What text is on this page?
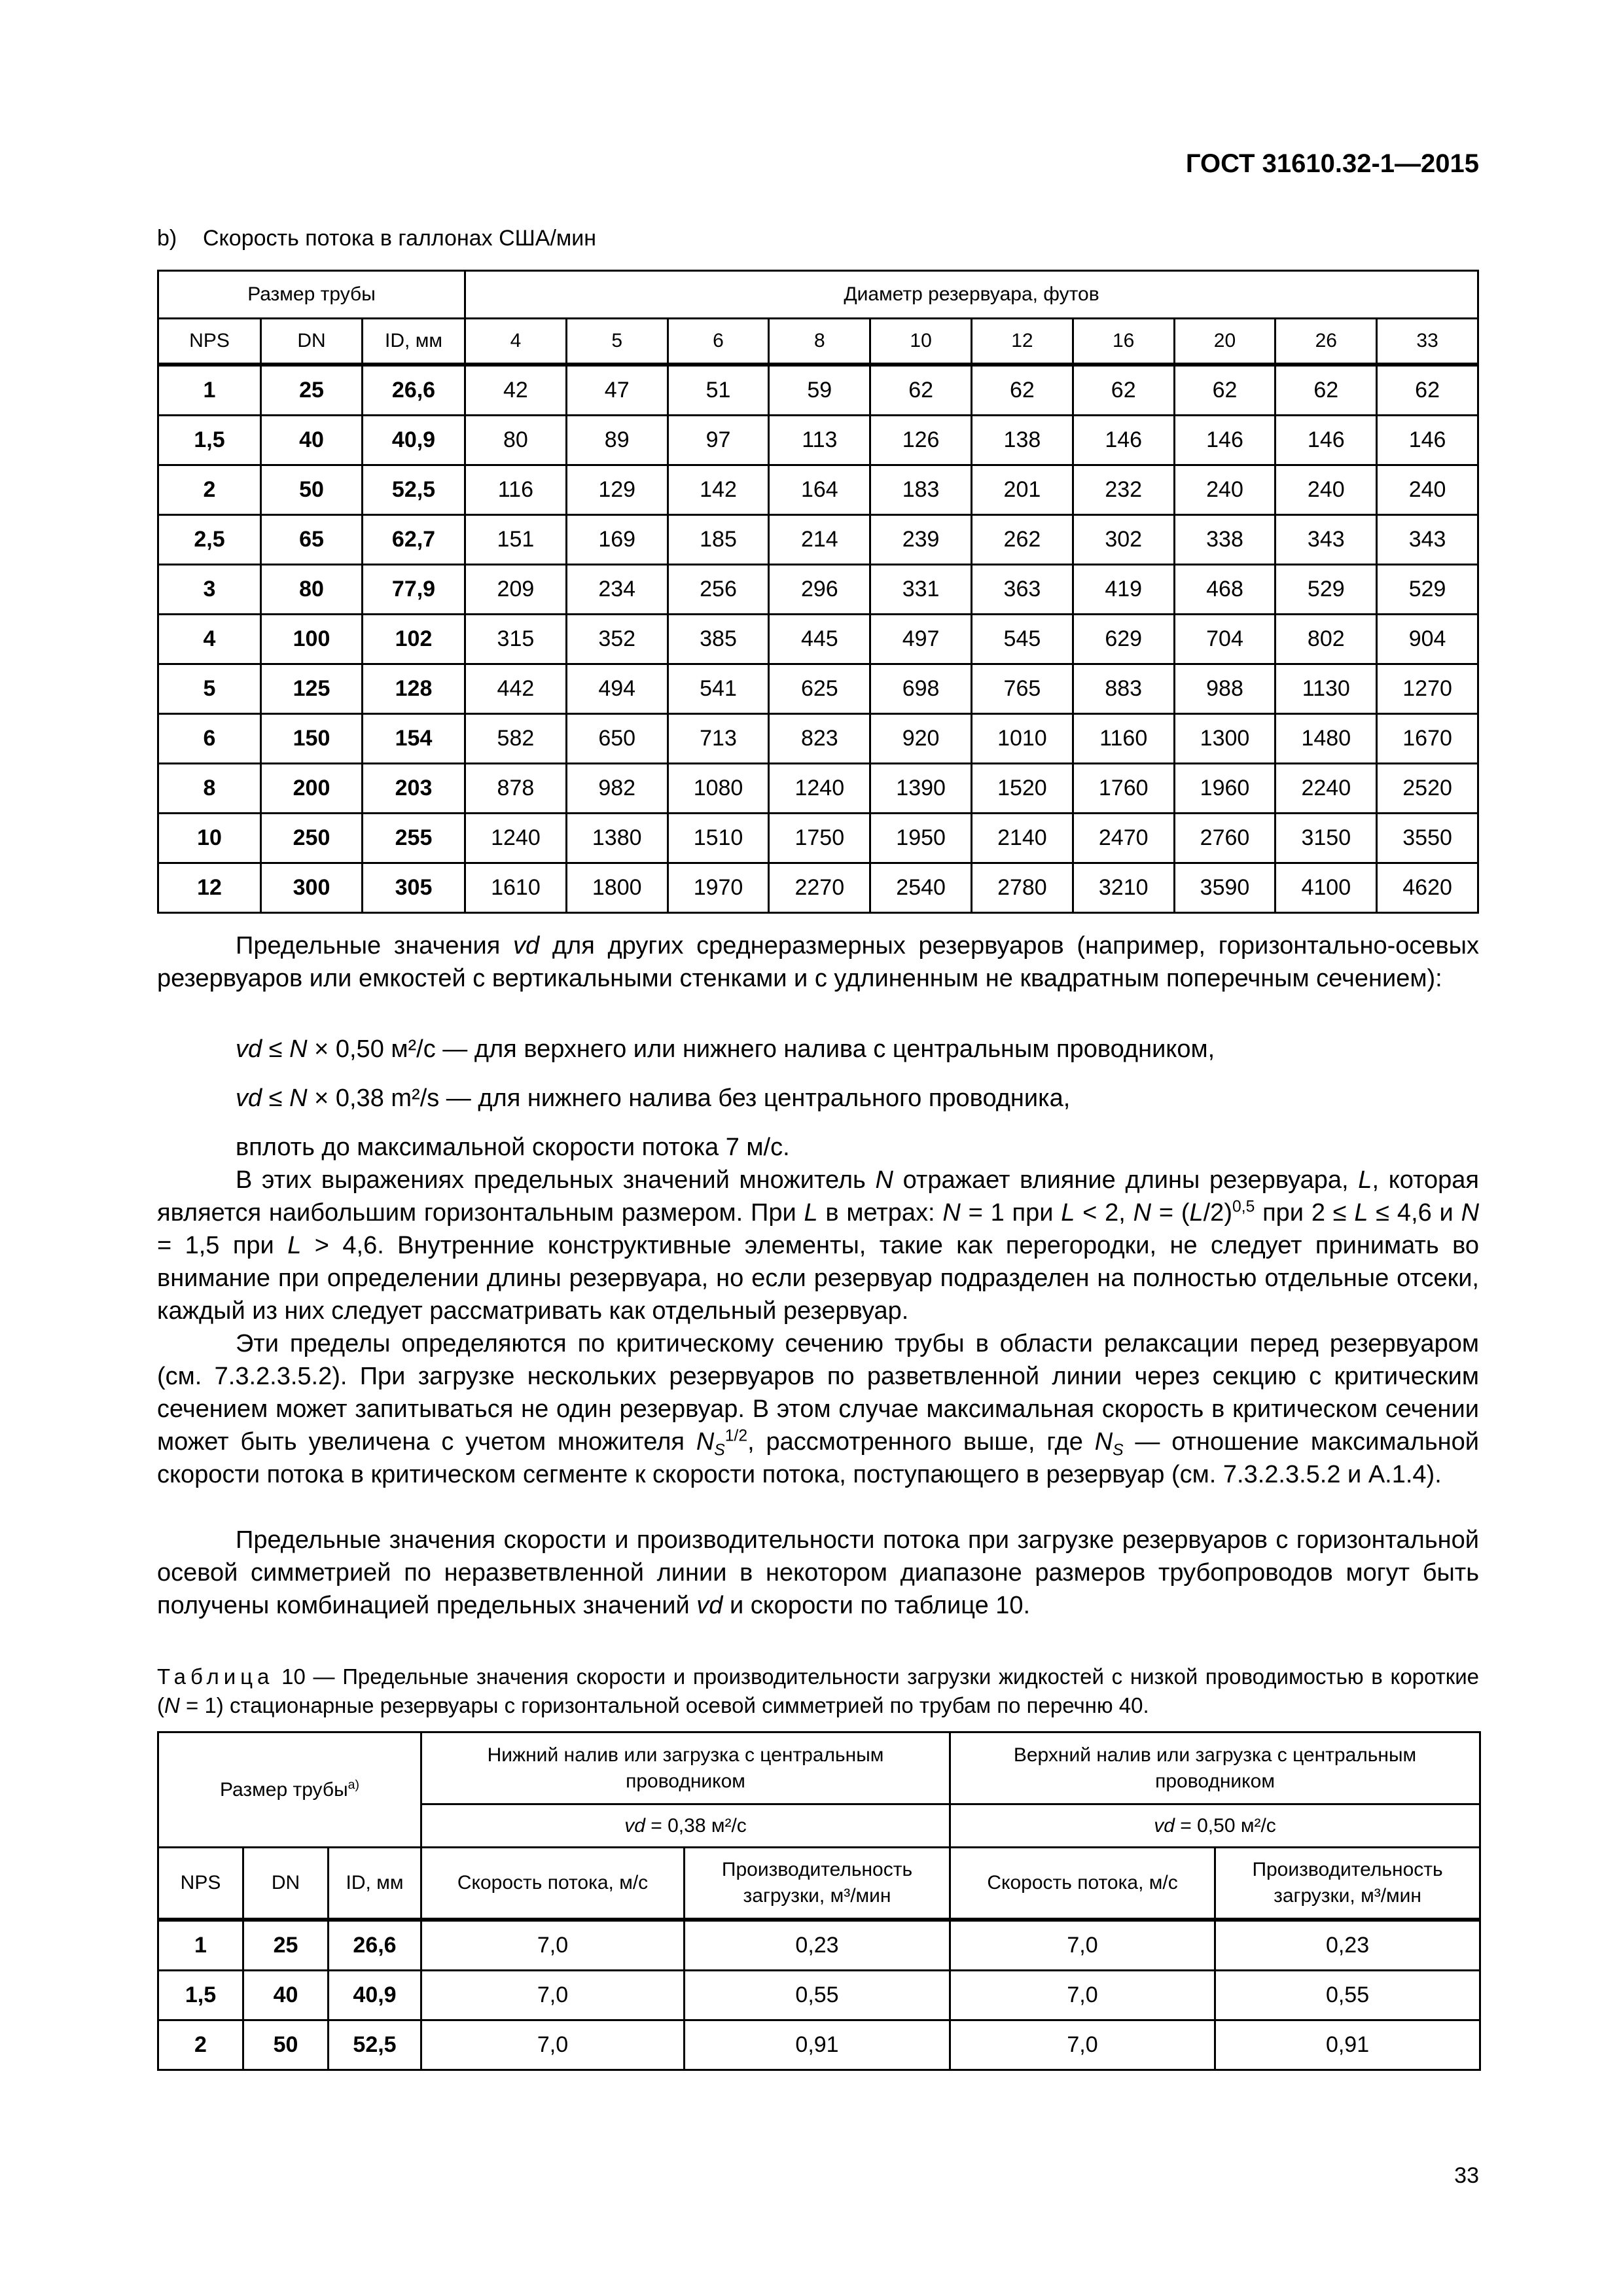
ГОСТ 31610.32-1—2015
b) Скорость потока в галлонах США/мин
Размер трубы			Диаметр резервуара, футов									
NPS	DN	ID, мм	4	5	6	8	10	12	16	20	26	33
1	25	26,6	42	47	51	59	62	62	62	62	62	62
1,5	40	40,9	80	89	97	113	126	138	146	146	146	146
2	50	52,5	116	129	142	164	183	201	232	240	240	240
2,5	65	62,7	151	169	185	214	239	262	302	338	343	343
3	80	77,9	209	234	256	296	331	363	419	468	529	529
4	100	102	315	352	385	445	497	545	629	704	802	904
5	125	128	442	494	541	625	698	765	883	988	1130	1270
6	150	154	582	650	713	823	920	1010	1160	1300	1480	1670
8	200	203	878	982	1080	1240	1390	1520	1760	1960	2240	2520
10	250	255	1240	1380	1510	1750	1950	2140	2470	2760	3150	3550
12	300	305	1610	1800	1970	2270	2540	2780	3210	3590	4100	4620

Предельные значения vd для других среднеразмерных резервуаров (например, горизонтально-осевых резервуаров или емкостей с вертикальными стенками и с удлиненным не квадратным поперечным сечением):

vd ≤ N × 0,50 м²/с — для верхнего или нижнего налива с центральным проводником,
vd ≤ N × 0,38 m²/s — для нижнего налива без центрального проводника,
вплоть до максимальной скорости потока 7 м/с.

В этих выражениях предельных значений множитель N отражает влияние длины резервуара, L, которая является наибольшим горизонтальным размером. При L в метрах: N = 1 при L < 2, $N = (L/2)^{0,5}$ при 2 ≤ L ≤ 4,6 и N = 1,5 при L > 4,6. Внутренние конструктивные элементы, такие как перегородки, не следует принимать во внимание при определении длины резервуара, но если резервуар подразделен на полностью отдельные отсеки, каждый из них следует рассматривать как отдельный резервуар.

Эти пределы определяются по критическому сечению трубы в области релаксации перед резервуаром (см. 7.3.2.3.5.2). При загрузке нескольких резервуаров по разветвленной линии через секцию с критическим сечением может запитываться не один резервуар. В этом случае максимальная скорость в критическом сечении может быть увеличена с учетом множителя $N_S^{1/2}$, рассмотренного выше, где $N_S$ — отношение максимальной скорости потока в критическом сегменте к скорости потока, поступающего в резервуар (см. 7.3.2.3.5.2 и А.1.4).

Предельные значения скорости и производительности потока при загрузке резервуаров с горизонтальной осевой симметрией по неразветвленной линии в некотором диапазоне размеров трубопроводов могут быть получены комбинацией предельных значений vd и скорости по таблице 10.

Таблица 10 — Предельные значения скорости и производительности загрузки жидкостей с низкой проводимостью в короткие (N = 1) стационарные резервуары с горизонтальной осевой симметрией по трубам по перечню 40.
Размер трубы$^{а)}$			Нижний налив или загрузка с центральным проводником		Верхний налив или загрузка с центральным проводником	
			vd = 0,38 м²/с		vd = 0,50 м²/с	
NPS	DN	ID, мм	Скорость потока, м/с	Производительность загрузки, м³/мин	Скорость потока, м/с	Производительность загрузки, м³/мин
1	25	26,6	7,0	0,23	7,0	0,23
1,5	40	40,9	7,0	0,55	7,0	0,55
2	50	52,5	7,0	0,91	7,0	0,91
33
